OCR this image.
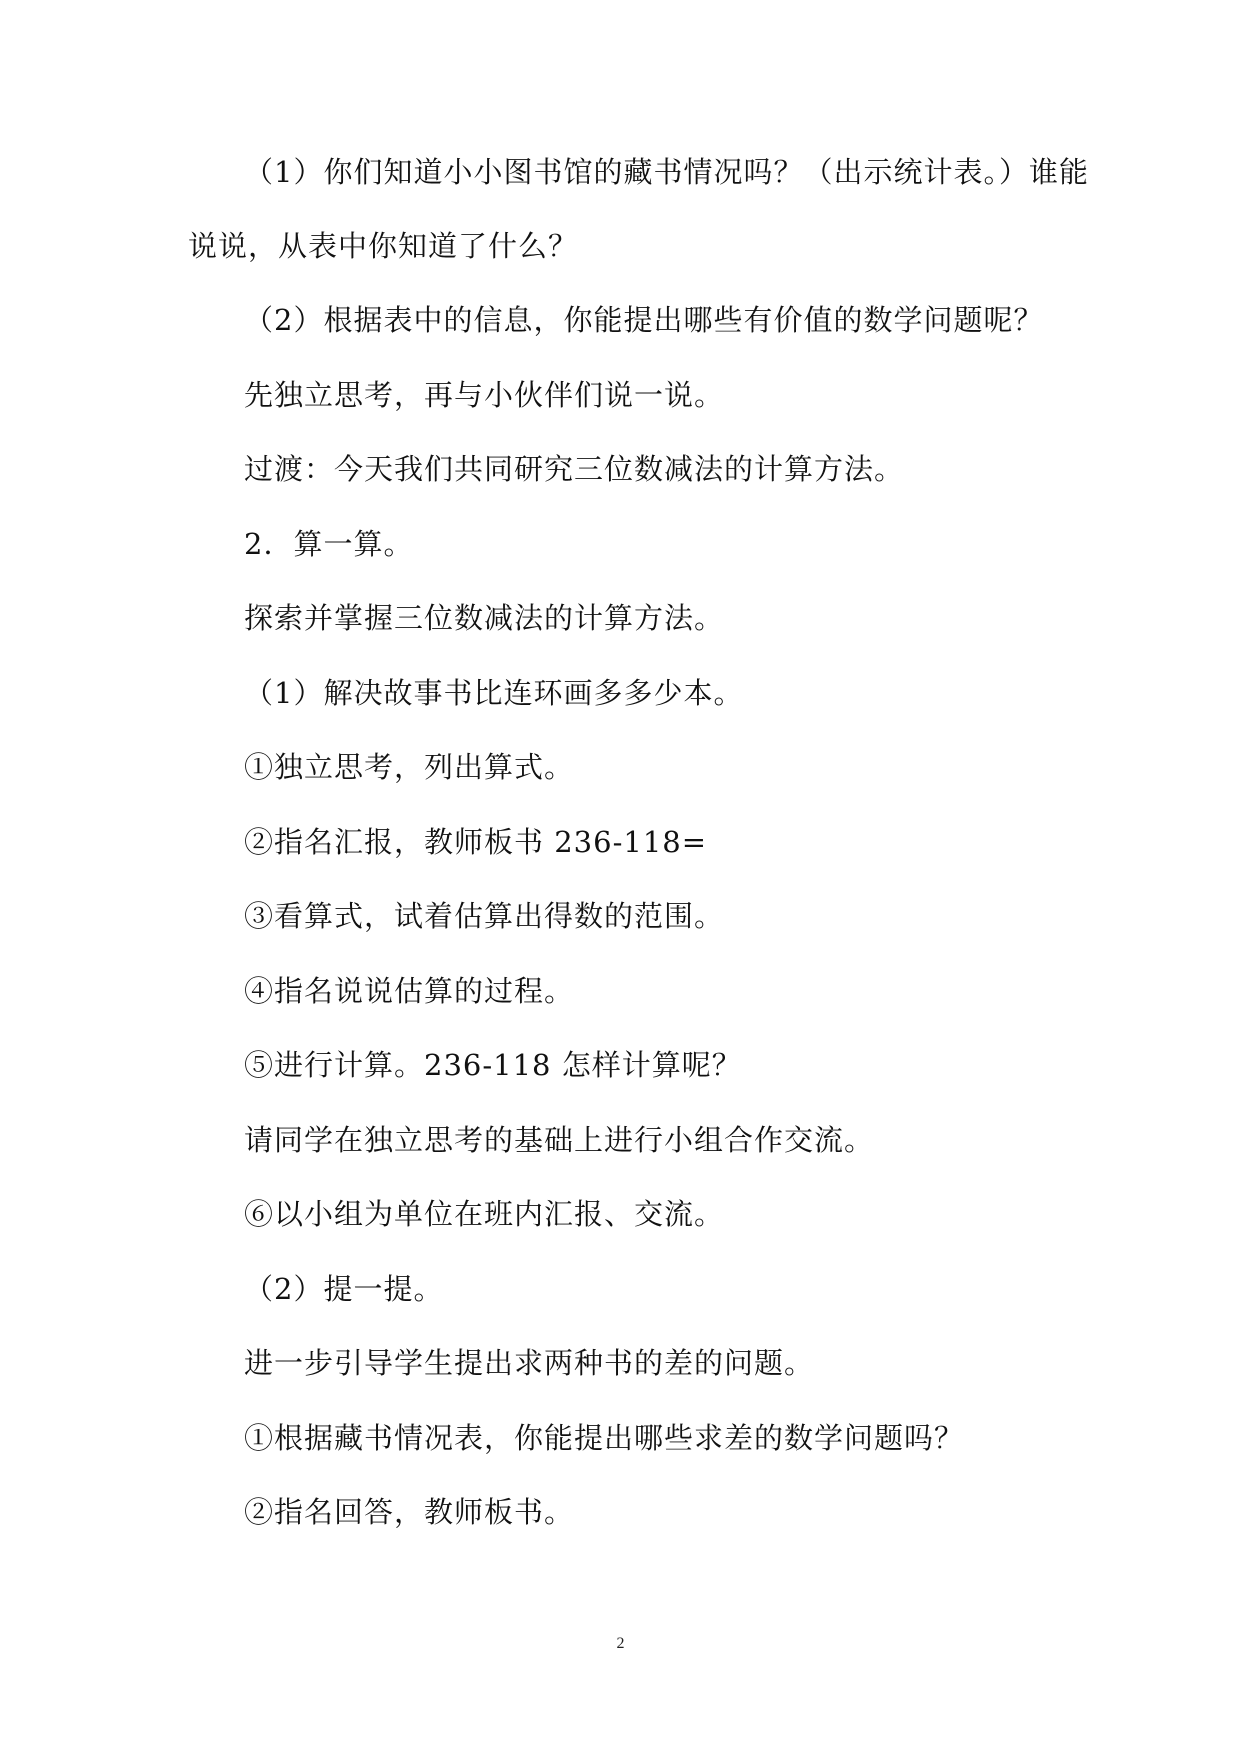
（1）你们知道小小图书馆的藏书情况吗？（出示统计表。）谁能
说说，从表中你知道了什么？
（2）根据表中的信息，你能提出哪些有价值的数学问题呢？
先独立思考，再与小伙伴们说一说。
过渡：今天我们共同研究三位数减法的计算方法。
2．算一算。
探索并掌握三位数减法的计算方法。
（1）解决故事书比连环画多多少本。
①独立思考，列出算式。
②指名汇报，教师板书 236-118=
③看算式，试着估算出得数的范围。
④指名说说估算的过程。
⑤进行计算。236-118 怎样计算呢？
请同学在独立思考的基础上进行小组合作交流。
⑥以小组为单位在班内汇报、交流。
（2）提一提。
进一步引导学生提出求两种书的差的问题。
①根据藏书情况表，你能提出哪些求差的数学问题吗？
②指名回答，教师板书。
2
